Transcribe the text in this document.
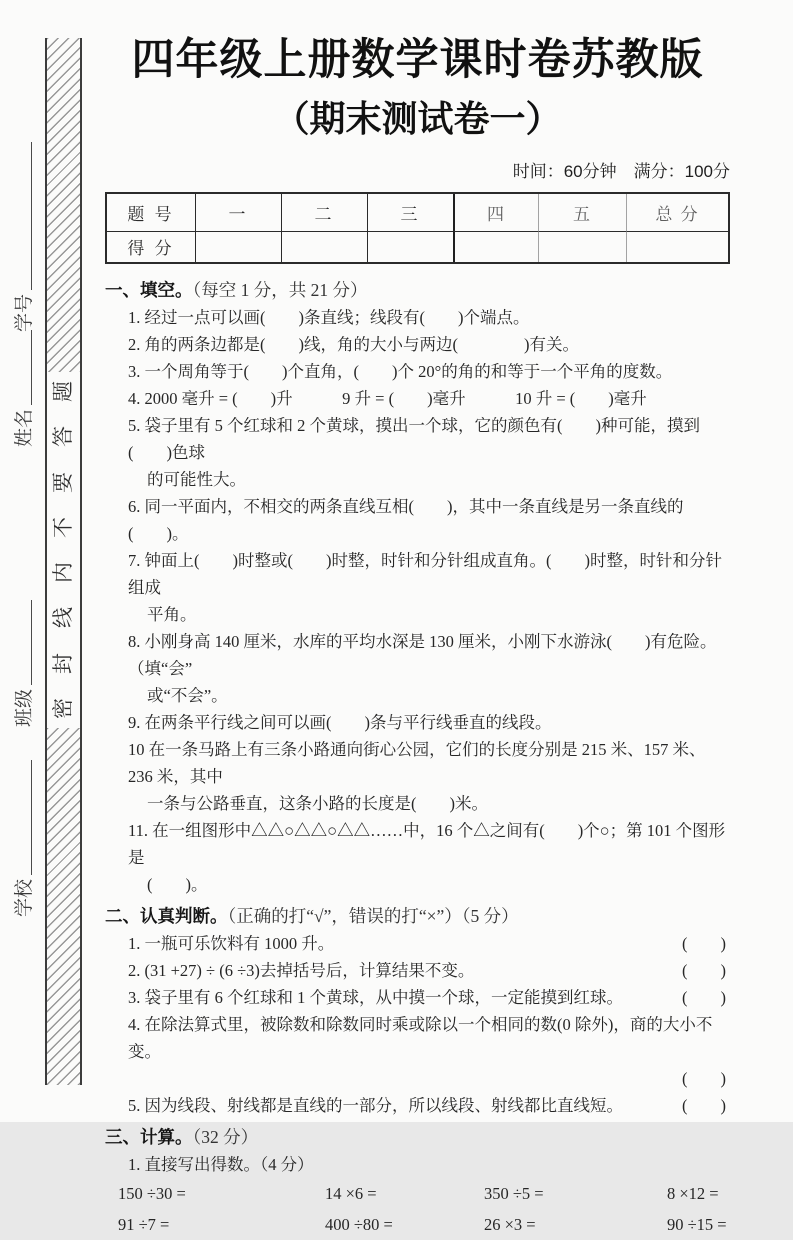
题
答
要
不
内
线
封
密
学号
姓名
班级
学校
四年级上册数学课时卷苏教版
（期末测试卷一）
时间：60分钟　满分：100分
题 号	一	二	三	四	五	总 分
得 分
一、填空。（每空 1 分，共 21 分）
1. 经过一点可以画(　　)条直线；线段有(　　)个端点。
2. 角的两条边都是(　　)线，角的大小与两边(　　　　)有关。
3. 一个周角等于(　　)个直角，(　　)个 20°的角的和等于一个平角的度数。
4. 2000 毫升 = (　　)升　　　9 升 = (　　)毫升　　　10 升 = (　　)毫升
5. 袋子里有 5 个红球和 2 个黄球，摸出一个球，它的颜色有(　　)种可能，摸到(　　)色球
的可能性大。
6. 同一平面内，不相交的两条直线互相(　　)，其中一条直线是另一条直线的(　　)。
7. 钟面上(　　)时整或(　　)时整，时针和分针组成直角。(　　)时整，时针和分针组成
平角。
8. 小刚身高 140 厘米，水库的平均水深是 130 厘米，小刚下水游泳(　　)有危险。（填“会”
或“不会”。
9. 在两条平行线之间可以画(　　)条与平行线垂直的线段。
10 在一条马路上有三条小路通向街心公园，它们的长度分别是 215 米、157 米、236 米，其中
一条与公路垂直，这条小路的长度是(　　)米。
11. 在一组图形中△△○△△○△△……中，16 个△之间有(　　)个○；第 101 个图形是
(　　)。
二、认真判断。（正确的打“√”，错误的打“×”）（5 分）
1. 一瓶可乐饮料有 1000 升。	(　　)
2. (31 +27) ÷ (6 ÷3)去掉括号后，计算结果不变。	(　　)
3. 袋子里有 6 个红球和 1 个黄球，从中摸一个球，一定能摸到红球。	(　　)
4. 在除法算式里，被除数和除数同时乘或除以一个相同的数(0 除外)，商的大小不变。
(　　)
5. 因为线段、射线都是直线的一部分，所以线段、射线都比直线短。	(　　)
三、计算。（32 分）
1. 直接写出得数。（4 分）
150 ÷30 =	14 ×6 =	350 ÷5 =	8 ×12 =
91 ÷7 =	400 ÷80 =	26 ×3 =	90 ÷15 =
